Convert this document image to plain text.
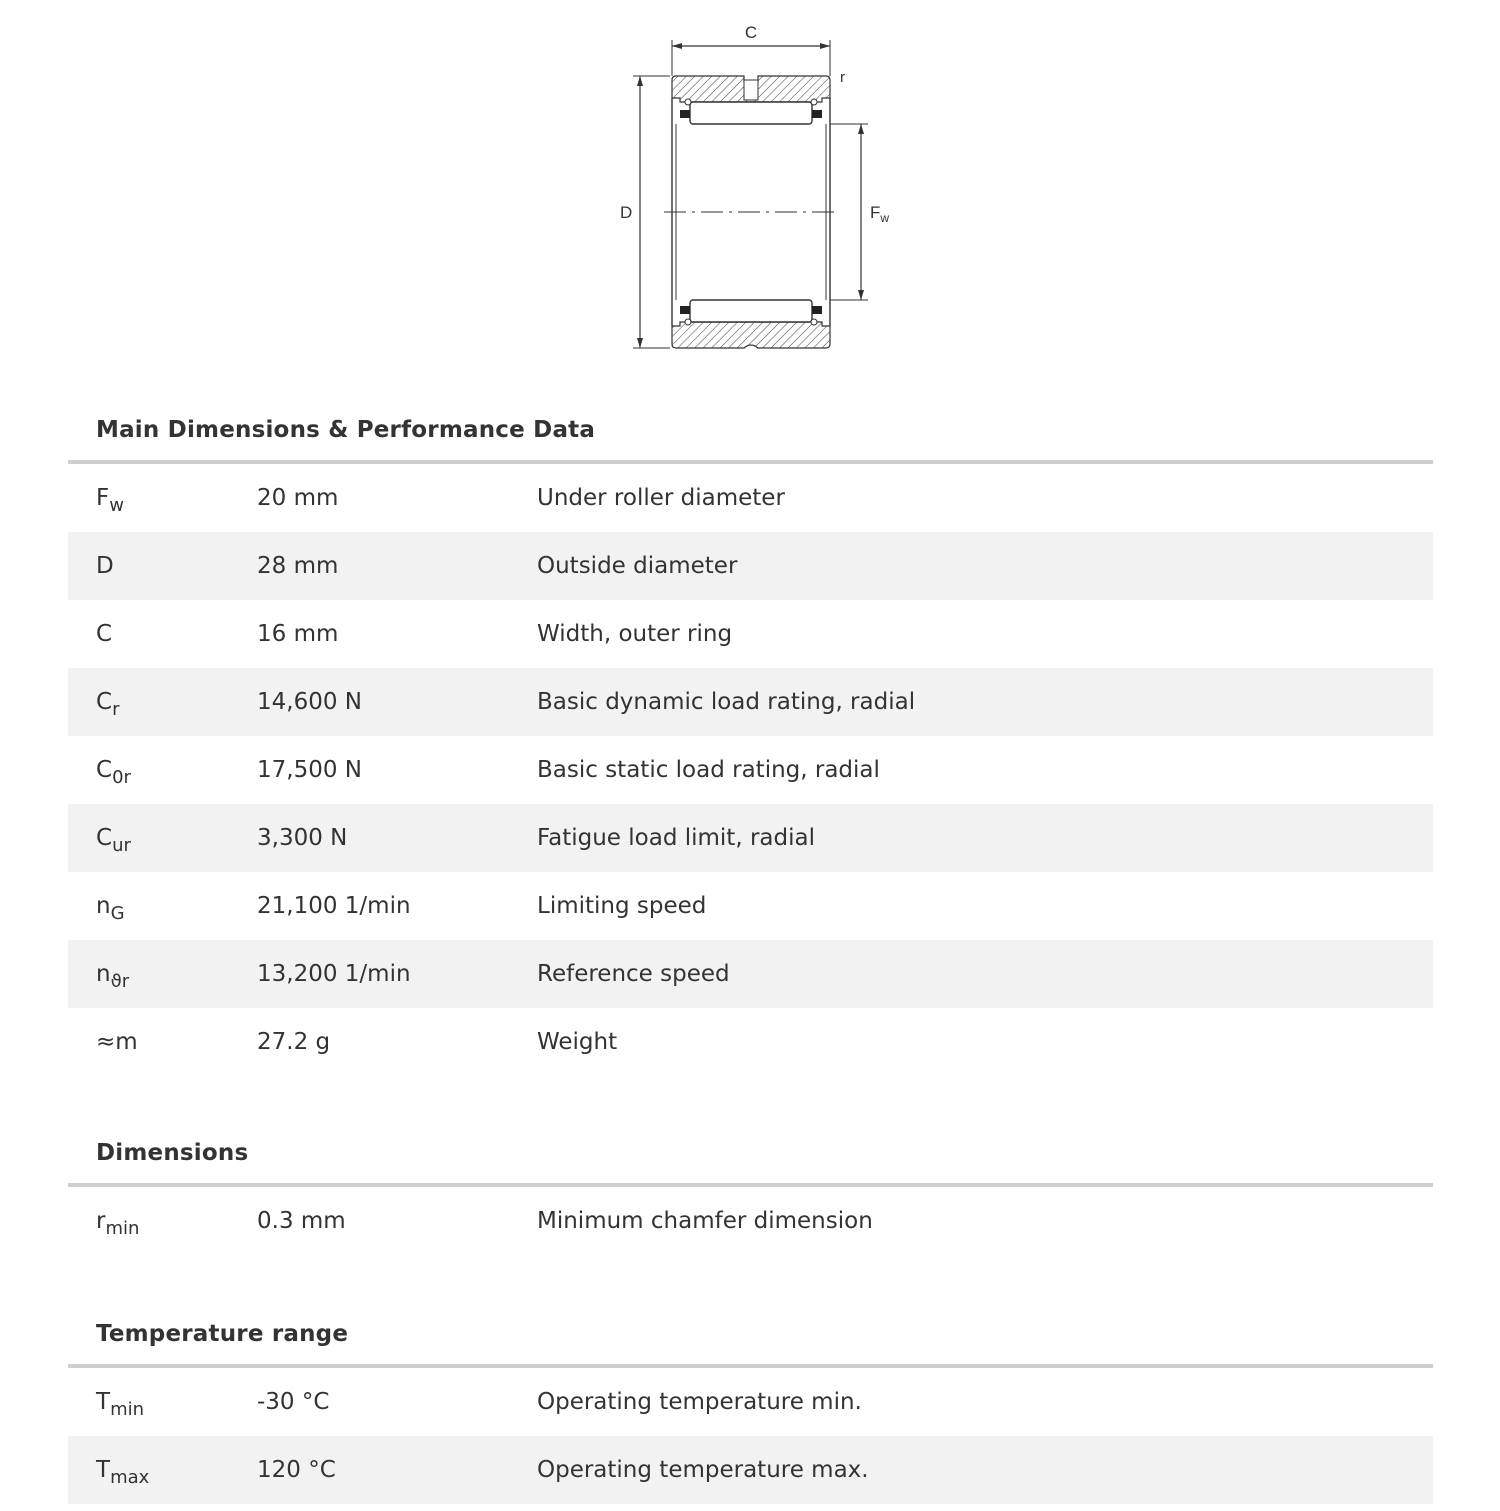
C
r
D	$F_w$
Main Dimensions & Performance Data
$F_w$	20 mm	Under roller diameter
D	28 mm	Outside diameter
C	16 mm	Width, outer ring
$C_r$	14,600 N	Basic dynamic load rating, radial
$C_{0r}$	17,500 N	Basic static load rating, radial
$C_{ur}$	3,300 N	Fatigue load limit, radial
$n_G$	21,100 1/min	Limiting speed
$n_{ϑr}$	13,200 1/min	Reference speed
≈m	27.2 g	Weight
Dimensions
$r_{min}$	0.3 mm	Minimum chamfer dimension
Temperature range
$T_{min}$	-30 °C	Operating temperature min.
$T_{max}$	120 °C	Operating temperature max.
